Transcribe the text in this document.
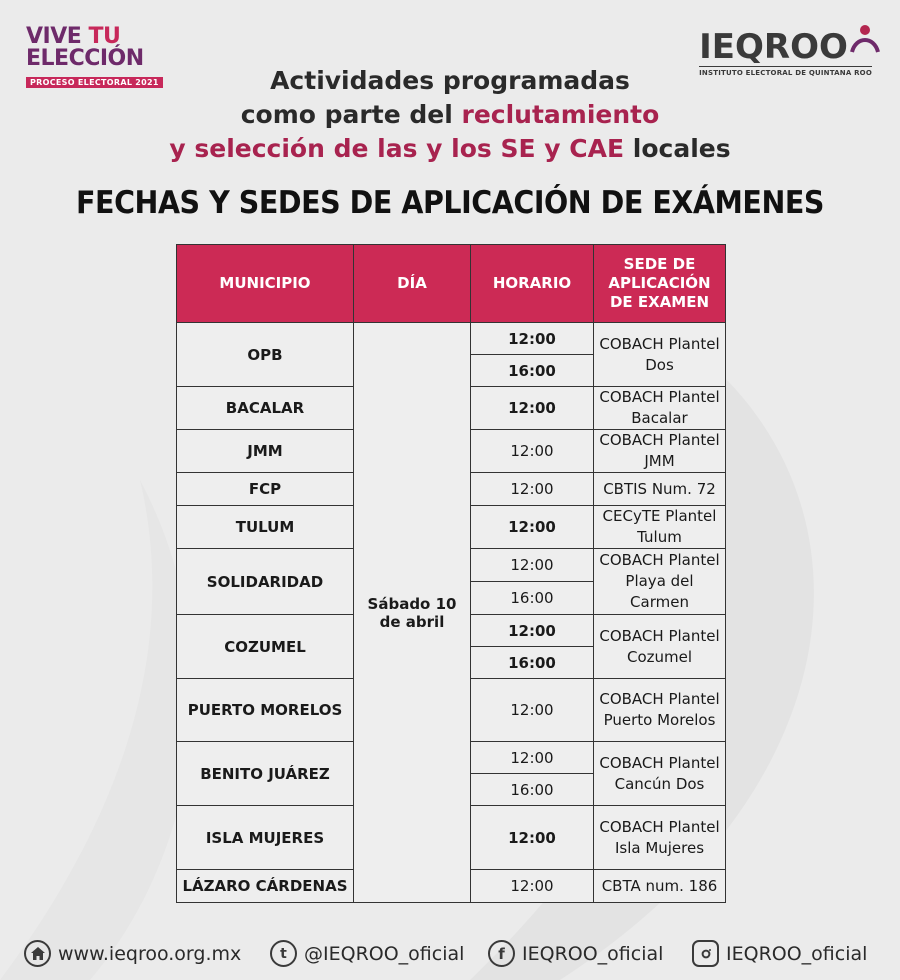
VIVE TU
ELECCIÓN
PROCESO ELECTORAL 2021
IEQROO
INSTITUTO ELECTORAL DE QUINTANA ROO
Actividades programadas
como parte del reclutamiento
y selección de las y los SE y CAE locales
FECHAS Y SEDES DE APLICACIÓN DE EXÁMENES
MUNICIPIO	DÍA	HORARIO	SEDE DE APLICACIÓN DE EXAMEN
OPB	Sábado 10 de abril	12:00	COBACH Plantel Dos
		16:00	
BACALAR		12:00	COBACH Plantel Bacalar
JMM		12:00	COBACH Plantel JMM
FCP		12:00	CBTIS Num. 72
TULUM		12:00	CECyTE Plantel Tulum
SOLIDARIDAD		12:00	COBACH Plantel Playa del Carmen
		16:00	
COZUMEL		12:00	COBACH Plantel Cozumel
		16:00	
PUERTO MORELOS		12:00	COBACH Plantel Puerto Morelos
BENITO JUÁREZ		12:00	COBACH Plantel Cancún Dos
		16:00	
ISLA MUJERES		12:00	COBACH Plantel Isla Mujeres
LÁZARO CÁRDENAS		12:00	CBTA num. 186
www.ieqroo.org.mx	t @IEQROO_oficial f IEQROO_oficial	IEQROO_oficial
